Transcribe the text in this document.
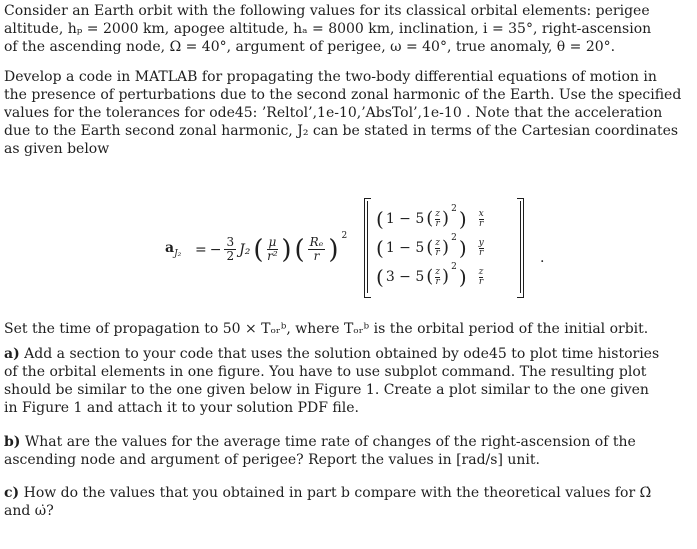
Consider an Earth orbit with the following values for its classical orbital elements: perigee
altitude, hₚ = 2000 km, apogee altitude, hₐ = 8000 km, inclination, i = 35°, right-ascension
of the ascending node, Ω = 40°, argument of perigee, ω = 40°, true anomaly, θ = 20°.

Develop a code in MATLAB for propagating the two-body differential equations of motion in
the presence of perturbations due to the second zonal harmonic of the Earth. Use the specified
values for the tolerances for ode45: ’Reltol’,1e-10,’AbsTol’,1e-10 . Note that the acceleration
due to the Earth second zonal harmonic, J₂ can be stated in terms of the Cartesian coordinates
as given below

$a_{J_2}$ = − $\frac{3}{2} J_2$ ( $\frac{\mu}{\text{r²}}$ ) ( $\frac{\text{Rₑ}}{r}$ ) $^2$
( 1 − 5 ( z
r )$^2$ ) x
r
( 1 − 5 ( z
r )$^2$ ) y
r
( 3 − 5 ( z
r )$^2$ ) z
r
.

Set the time of propagation to 50 × Tₒᵣᵇ, where Tₒᵣᵇ is the orbital period of the initial orbit.

a) Add a section to your code that uses the solution obtained by ode45 to plot time histories
of the orbital elements in one figure. You have to use subplot command. The resulting plot
should be similar to the one given below in Figure 1. Create a plot similar to the one given
in Figure 1 and attach it to your solution PDF file.

b) What are the values for the average time rate of changes of the right-ascension of the
ascending node and argument of perigee? Report the values in [rad/s] unit.

c) How do the values that you obtained in part b compare with the theoretical values for Ω̇
and ω̇?
